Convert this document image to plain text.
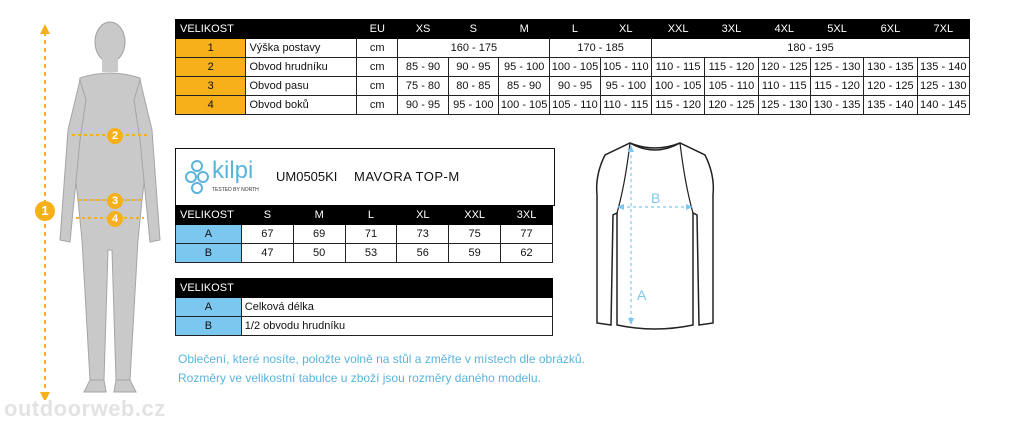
1
2
3
4
VELIKOST		EU	XS	S	M	L	XL	XXL	3XL	4XL	5XL	6XL	7XL
1	Výška postavy	cm	160 - 175			170 - 185		180 - 195					
2	Obvod hrudníku	cm	85 - 90	90 - 95	95 - 100	100 - 105	105 - 110	110 - 115	115 - 120	120 - 125	125 - 130	130 - 135	135 - 140
3	Obvod pasu	cm	75 - 80	80 - 85	85 - 90	90 - 95	95 - 100	100 - 105	105 - 110	110 - 115	115 - 120	120 - 125	125 - 130
4	Obvod boků	cm	90 - 95	95 - 100	100 - 105	105 - 110	110 - 115	115 - 120	120 - 125	125 - 130	130 - 135	135 - 140	140 - 145
kilpi
TESTED BY NORTH
UM0505KI MAVORA TOP-M
VELIKOST	S	M	L	XL	XXL	3XL
A	67	69	71	73	75	77
B	47	50	53	56	59	62
VELIKOST	
A	Celková délka
B	1/2 obvodu hrudníku
B
A
Oblečení, které nosíte, položte volně na stůl a změřte v místech dle obrázků.
Rozměry ve velikostní tabulce u zboží jsou rozměry daného modelu.
outdoorweb.cz
